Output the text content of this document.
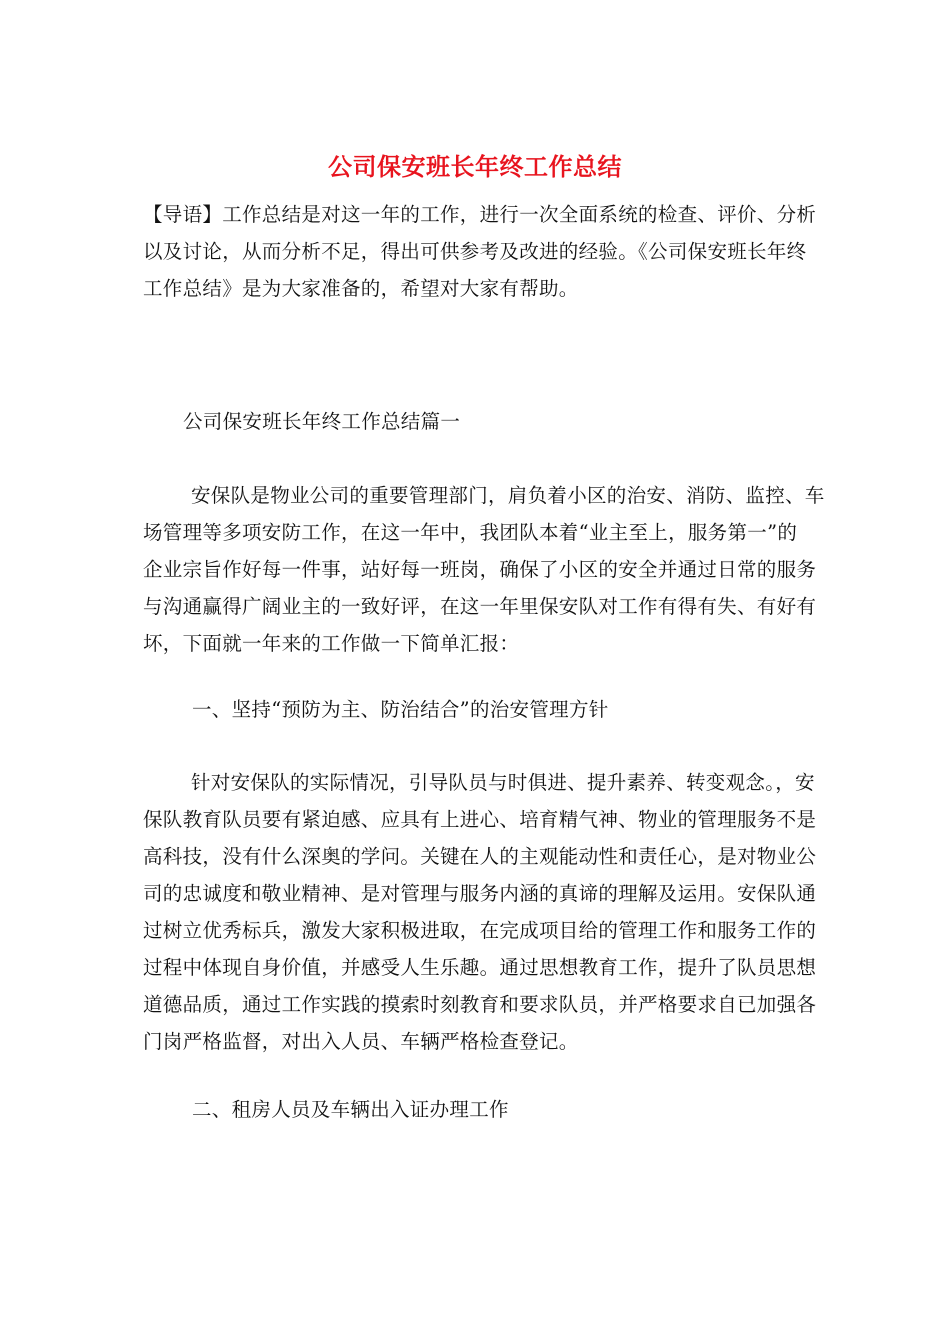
公司保安班长年终工作总结
【导语】工作总结是对这一年的工作，进行一次全面系统的检查、评价、分析
以及讨论，从而分析不足，得出可供参考及改进的经验。《公司保安班长年终
工作总结》是为大家准备的，希望对大家有帮助。
公司保安班长年终工作总结篇一
安保队是物业公司的重要管理部门，肩负着小区的治安、消防、监控、车
场管理等多项安防工作，在这一年中，我团队本着“业主至上，服务第一”的
企业宗旨作好每一件事，站好每一班岗，确保了小区的安全并通过日常的服务
与沟通赢得广阔业主的一致好评，在这一年里保安队对工作有得有失、有好有
坏，下面就一年来的工作做一下简单汇报：
一、坚持“预防为主、防治结合”的治安管理方针
针对安保队的实际情况，引导队员与时俱进、提升素养、转变观念。，安
保队教育队员要有紧迫感、应具有上进心、培育精气神、物业的管理服务不是
高科技，没有什么深奥的学问。关键在人的主观能动性和责任心，是对物业公
司的忠诚度和敬业精神、是对管理与服务内涵的真谛的理解及运用。安保队通
过树立优秀标兵，激发大家积极进取，在完成项目给的管理工作和服务工作的
过程中体现自身价值，并感受人生乐趣。通过思想教育工作，提升了队员思想
道德品质，通过工作实践的摸索时刻教育和要求队员，并严格要求自已加强各
门岗严格监督，对出入人员、车辆严格检查登记。
二、租房人员及车辆出入证办理工作
